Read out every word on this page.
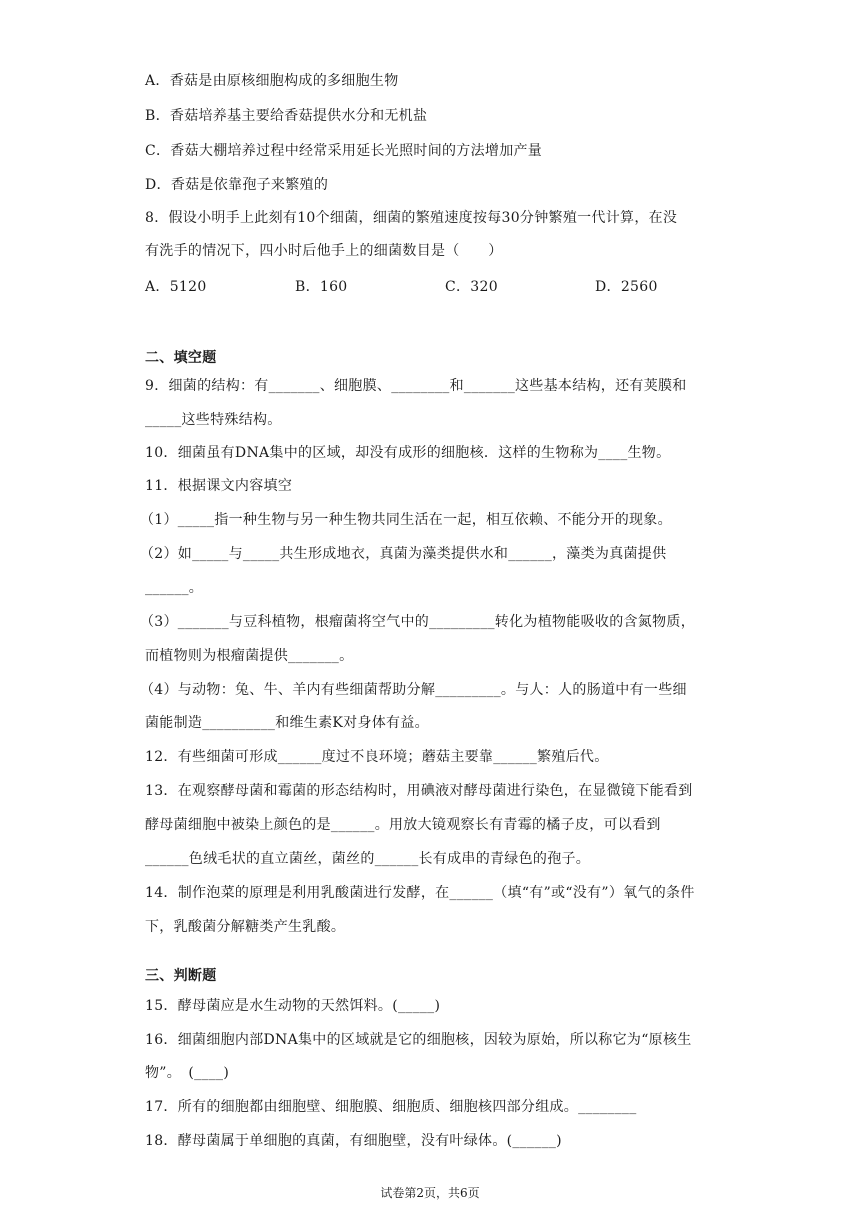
A．香菇是由原核细胞构成的多细胞生物
B．香菇培养基主要给香菇提供水分和无机盐
C．香菇大棚培养过程中经常采用延长光照时间的方法增加产量
D．香菇是依靠孢子来繁殖的
8．假设小明手上此刻有10个细菌，细菌的繁殖速度按每30分钟繁殖一代计算，在没
有洗手的情况下，四小时后他手上的细菌数目是（　　）
A．5120	B．160	C．320	D．2560
二、填空题
9．细菌的结构：有_______、细胞膜、________和_______这些基本结构，还有荚膜和
_____这些特殊结构。
10．细菌虽有DNA集中的区域，却没有成形的细胞核．这样的生物称为____生物。
11．根据课文内容填空
（1）_____指一种生物与另一种生物共同生活在一起，相互依赖、不能分开的现象。
（2）如_____与_____共生形成地衣，真菌为藻类提供水和______，藻类为真菌提供
______。
（3）_______与豆科植物，根瘤菌将空气中的_________转化为植物能吸收的含氮物质，
而植物则为根瘤菌提供_______。
（4）与动物：兔、牛、羊内有些细菌帮助分解_________。与人：人的肠道中有一些细
菌能制造__________和维生素K对身体有益。
12．有些细菌可形成______度过不良环境；蘑菇主要靠______繁殖后代。
13．在观察酵母菌和霉菌的形态结构时，用碘液对酵母菌进行染色，在显微镜下能看到
酵母菌细胞中被染上颜色的是______。用放大镜观察长有青霉的橘子皮，可以看到
______色绒毛状的直立菌丝，菌丝的______长有成串的青绿色的孢子。
14．制作泡菜的原理是利用乳酸菌进行发酵，在______（填“有”或“没有”）氧气的条件
下，乳酸菌分解糖类产生乳酸。
三、判断题
15．酵母菌应是水生动物的天然饵料。(_____)
16．细菌细胞内部DNA集中的区域就是它的细胞核，因较为原始，所以称它为“原核生
物”。　(____)
17．所有的细胞都由细胞壁、细胞膜、细胞质、细胞核四部分组成。________
18．酵母菌属于单细胞的真菌，有细胞壁，没有叶绿体。(______)
试卷第2页，共6页
